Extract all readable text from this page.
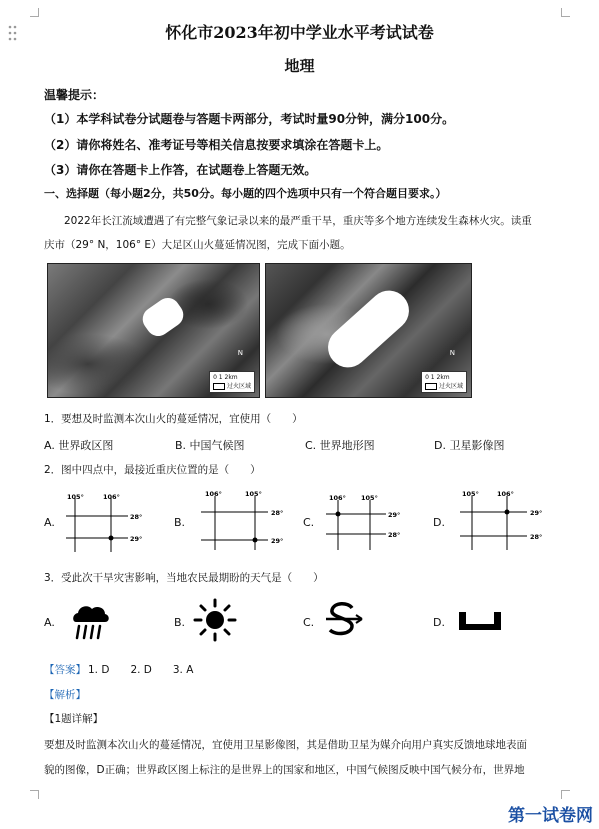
怀化市2023年初中学业水平考试试卷
地理
温馨提示：
（1）本学科试卷分试题卷与答题卡两部分，考试时量90分钟，满分100分。
（2）请你将姓名、准考证号等相关信息按要求填涂在答题卡上。
（3）请你在答题卡上作答，在试题卷上答题无效。
一、选择题（每小题2分，共50分。每小题的四个选项中只有一个符合题目要求。）
2022年长江流域遭遇了有完整气象记录以来的最严重干旱，重庆等多个地方连续发生森林火灾。读重
庆市（29° N，106° E）大足区山火蔓延情况图，完成下面小题。
0 1 2km
过火区域
N
0 1 2km
过火区域
N
1．要想及时监测本次山火的蔓延情况，宜使用（　　）
A. 世界政区图	B. 中国气候图	C. 世界地形图	D. 卫星影像图
2．图中四点中，最接近重庆位置的是（　　）
A.
105°	106°
28°
29°
B.
106°	105°
28°
29°
C.
106° 105°
29°
28°
D.
105°	106°
29°
28°
3．受此次干旱灾害影响，当地农民最期盼的天气是（　　）
A.	B.	C.	D.
【答案】 1. D　　2. D　　3. A
【解析】
【1题详解】
要想及时监测本次山火的蔓延情况，宜使用卫星影像图，其是借助卫星为媒介向用户真实反馈地球地表面
貌的图像，D正确；世界政区图上标注的是世界上的国家和地区，中国气候图反映中国气候分布，世界地
第一试卷网
